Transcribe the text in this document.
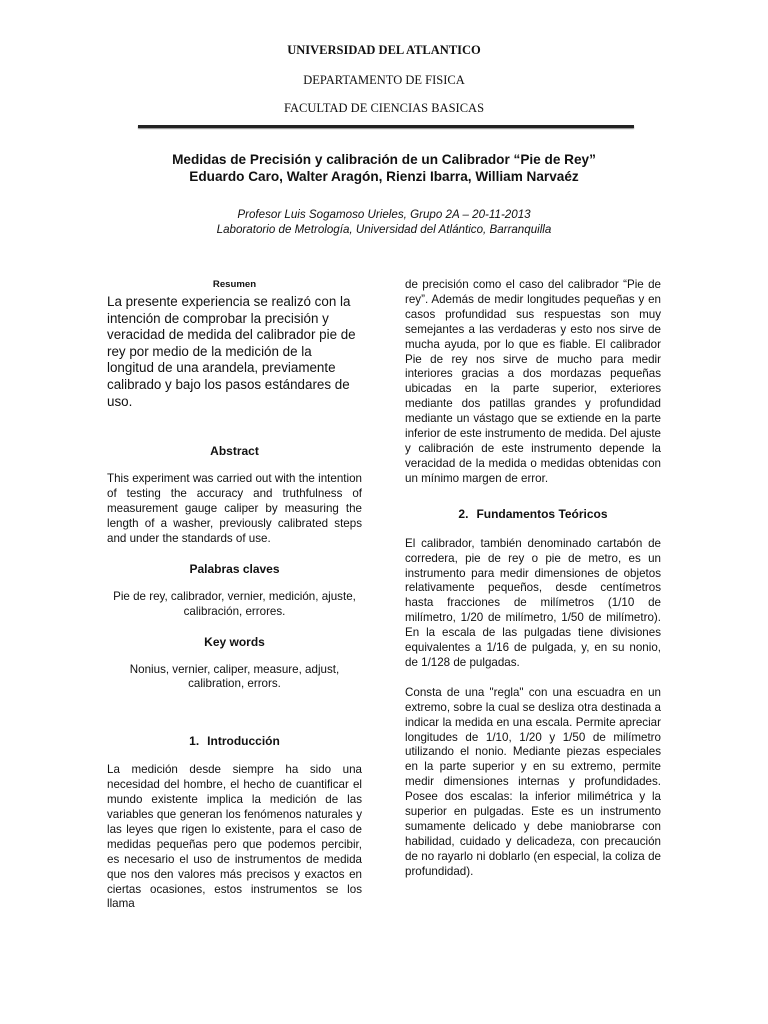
UNIVERSIDAD DEL ATLANTICO
DEPARTAMENTO DE FISICA
FACULTAD DE CIENCIAS BASICAS
Medidas de Precisión y calibración de un Calibrador “Pie de Rey”
Eduardo Caro, Walter Aragón, Rienzi Ibarra, William Narvaéz
Profesor Luis Sogamoso Urieles, Grupo 2A – 20-11-2013
Laboratorio de Metrología, Universidad del Atlántico, Barranquilla
Resumen

La presente experiencia se realizó con la intención de comprobar la precisión y veracidad de medida del calibrador pie de rey por medio de la medición de la longitud de una arandela, previamente calibrado y bajo los pasos estándares de uso.

Abstract

This experiment was carried out with the intention of testing the accuracy and truthfulness of measurement gauge caliper by measuring the length of a washer, previously calibrated steps and under the standards of use.

Palabras claves

Pie de rey, calibrador, vernier, medición, ajuste, calibración, errores.

Key words

Nonius, vernier, caliper, measure, adjust, calibration, errors.

1. Introducción

La medición desde siempre ha sido una necesidad del hombre, el hecho de cuantificar el mundo existente implica la medición de las variables que generan los fenómenos naturales y las leyes que rigen lo existente, para el caso de medidas pequeñas pero que podemos percibir, es necesario el uso de instrumentos de medida que nos den valores más precisos y exactos en ciertas ocasiones, estos instrumentos se los llama

de precisión como el caso del calibrador “Pie de rey”. Además de medir longitudes pequeñas y en casos profundidad sus respuestas son muy semejantes a las verdaderas y esto nos sirve de mucha ayuda, por lo que es fiable. El calibrador Pie de rey nos sirve de mucho para medir interiores gracias a dos mordazas pequeñas ubicadas en la parte superior, exteriores mediante dos patillas grandes y profundidad mediante un vástago que se extiende en la parte inferior de este instrumento de medida. Del ajuste y calibración de este instrumento depende la veracidad de la medida o medidas obtenidas con un mínimo margen de error.

2. Fundamentos Teóricos

El calibrador, también denominado cartabón de corredera, pie de rey o pie de metro, es un instrumento para medir dimensiones de objetos relativamente pequeños, desde centímetros hasta fracciones de milímetros (1/10 de milímetro, 1/20 de milímetro, 1/50 de milímetro). En la escala de las pulgadas tiene divisiones equivalentes a 1/16 de pulgada, y, en su nonio, de 1/128 de pulgadas.

Consta de una "regla" con una escuadra en un extremo, sobre la cual se desliza otra destinada a indicar la medida en una escala. Permite apreciar longitudes de 1/10, 1/20 y 1/50 de milímetro utilizando el nonio. Mediante piezas especiales en la parte superior y en su extremo, permite medir dimensiones internas y profundidades. Posee dos escalas: la inferior milimétrica y la superior en pulgadas. Este es un instrumento sumamente delicado y debe maniobrarse con habilidad, cuidado y delicadeza, con precaución de no rayarlo ni doblarlo (en especial, la coliza de profundidad).
